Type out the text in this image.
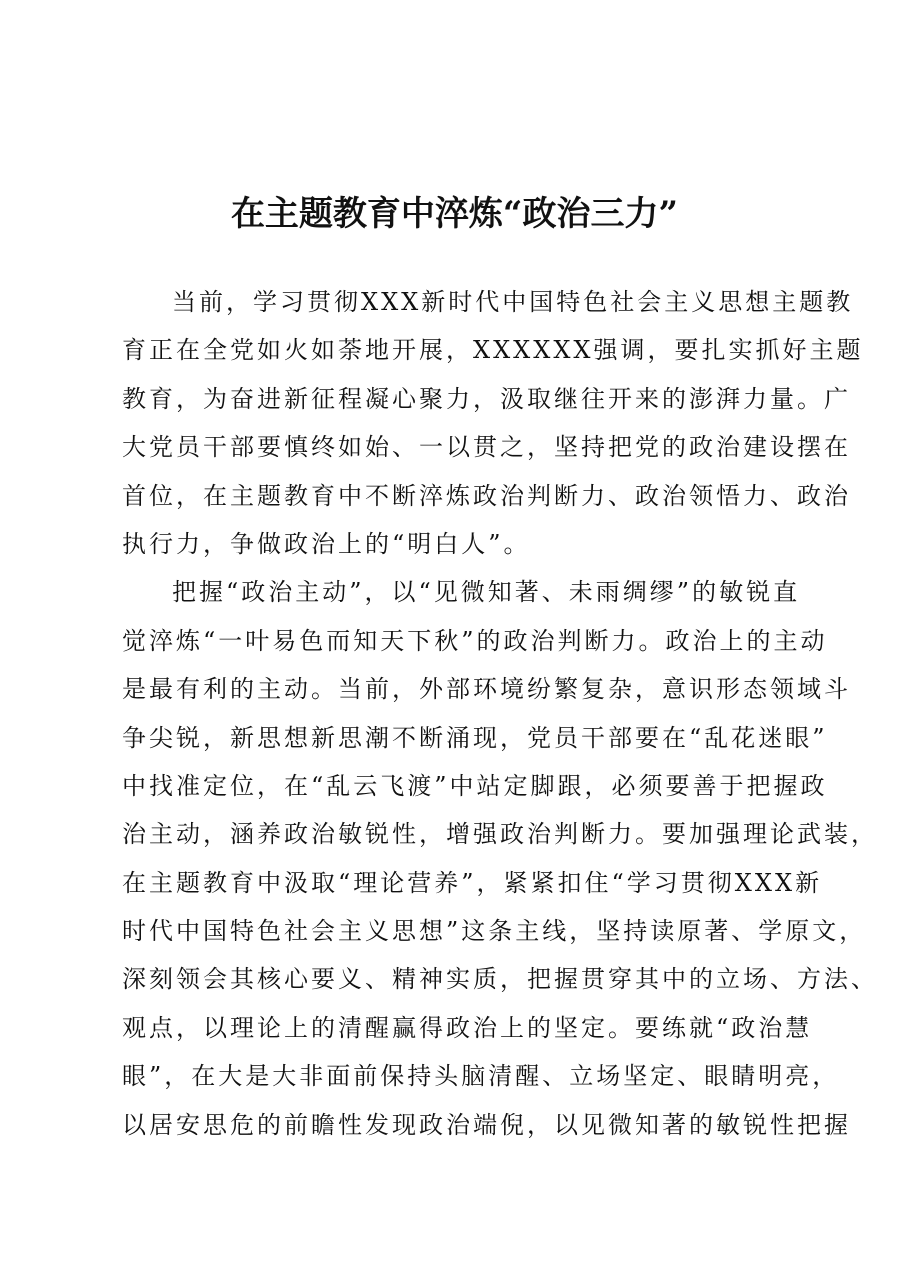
在主题教育中淬炼“政治三力”
当前，学习贯彻XXX新时代中国特色社会主义思想主题教
育正在全党如火如荼地开展，XXXXXX强调，要扎实抓好主题
教育，为奋进新征程凝心聚力，汲取继往开来的澎湃力量。广
大党员干部要慎终如始、一以贯之，坚持把党的政治建设摆在
首位，在主题教育中不断淬炼政治判断力、政治领悟力、政治
执行力，争做政治上的“明白人”。
把握“政治主动”，以“见微知著、未雨绸缪”的敏锐直
觉淬炼“一叶易色而知天下秋”的政治判断力。政治上的主动
是最有利的主动。当前，外部环境纷繁复杂，意识形态领域斗
争尖锐，新思想新思潮不断涌现，党员干部要在“乱花迷眼”
中找准定位，在“乱云飞渡”中站定脚跟，必须要善于把握政
治主动，涵养政治敏锐性，增强政治判断力。要加强理论武装，
在主题教育中汲取“理论营养”，紧紧扣住“学习贯彻XXX新
时代中国特色社会主义思想”这条主线，坚持读原著、学原文，
深刻领会其核心要义、精神实质，把握贯穿其中的立场、方法、
观点，以理论上的清醒赢得政治上的坚定。要练就“政治慧
眼”，在大是大非面前保持头脑清醒、立场坚定、眼睛明亮，
以居安思危的前瞻性发现政治端倪，以见微知著的敏锐性把握
